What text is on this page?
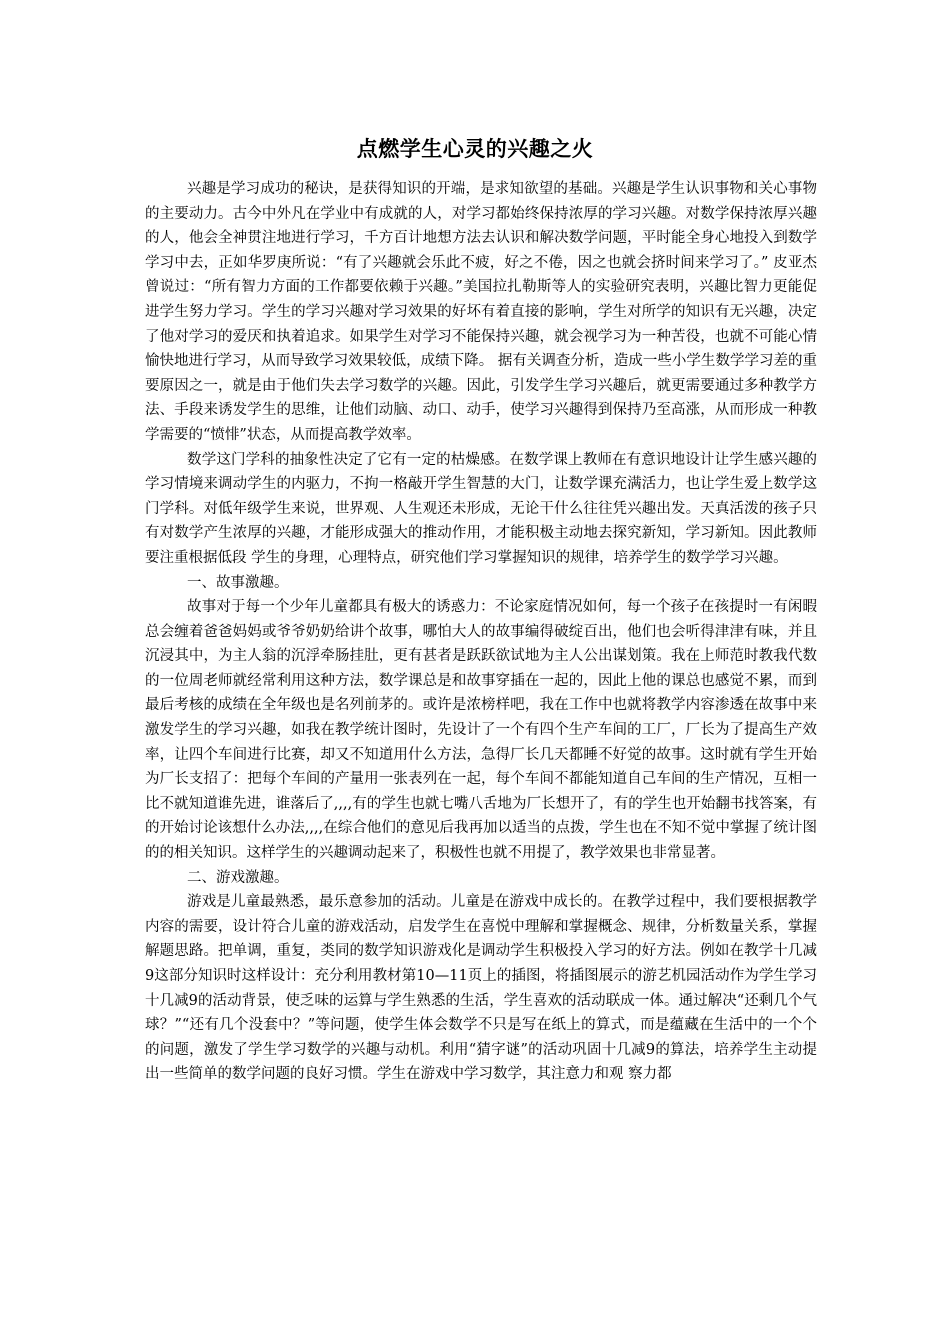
点燃学生心灵的兴趣之火

兴趣是学习成功的秘诀，是获得知识的开端，是求知欲望的基础。兴趣是学生认识事物和关心事物的主要动力。古今中外凡在学业中有成就的人，对学习都始终保持浓厚的学习兴趣。对数学保持浓厚兴趣的人，他会全神贯注地进行学习，千方百计地想方法去认识和解决数学问题，平时能全身心地投入到数学学习中去，正如华罗庚所说：“有了兴趣就会乐此不疲，好之不倦，因之也就会挤时间来学习了。” 皮亚杰曾说过：“所有智力方面的工作都要依赖于兴趣。”美国拉扎勒斯等人的实验研究表明，兴趣比智力更能促进学生努力学习。学生的学习兴趣对学习效果的好坏有着直接的影响，学生对所学的知识有无兴趣，决定了他对学习的爱厌和执着追求。如果学生对学习不能保持兴趣，就会视学习为一种苦役，也就不可能心情愉快地进行学习，从而导致学习效果较低，成绩下降。 据有关调查分析，造成一些小学生数学学习差的重要原因之一，就是由于他们失去学习数学的兴趣。因此，引发学生学习兴趣后，就更需要通过多种教学方法、手段来诱发学生的思维，让他们动脑、动口、动手，使学习兴趣得到保持乃至高涨，从而形成一种教学需要的“愤悱”状态，从而提高教学效率。

数学这门学科的抽象性决定了它有一定的枯燥感。在数学课上教师在有意识地设计让学生感兴趣的学习情境来调动学生的内驱力，不拘一格敲开学生智慧的大门，让数学课充满活力，也让学生爱上数学这门学科。对低年级学生来说，世界观、人生观还未形成，无论干什么往往凭兴趣出发。天真活泼的孩子只有对数学产生浓厚的兴趣，才能形成强大的推动作用，才能积极主动地去探究新知，学习新知。因此教师要注重根据低段 学生的身理，心理特点，研究他们学习掌握知识的规律，培养学生的数学学习兴趣。

一、故事激趣。

故事对于每一个少年儿童都具有极大的诱惑力：不论家庭情况如何，每一个孩子在孩提时一有闲暇总会缠着爸爸妈妈或爷爷奶奶给讲个故事，哪怕大人的故事编得破绽百出，他们也会听得津津有味，并且沉浸其中，为主人翁的沉浮牵肠挂肚，更有甚者是跃跃欲试地为主人公出谋划策。我在上师范时教我代数的一位周老师就经常利用这种方法，数学课总是和故事穿插在一起的，因此上他的课总也感觉不累，而到最后考核的成绩在全年级也是名列前茅的。或许是浓榜样吧，我在工作中也就将教学内容渗透在故事中来激发学生的学习兴趣，如我在教学统计图时，先设计了一个有四个生产车间的工厂，厂长为了提高生产效率，让四个车间进行比赛，却又不知道用什么方法，急得厂长几天都睡不好觉的故事。这时就有学生开始为厂长支招了：把每个车间的产量用一张表列在一起，每个车间不都能知道自己车间的生产情况，互相一比不就知道谁先进，谁落后了,,,,有的学生也就七嘴八舌地为厂长想开了，有的学生也开始翻书找答案，有的开始讨论该想什么办法,,,,在综合他们的意见后我再加以适当的点拨，学生也在不知不觉中掌握了统计图的的相关知识。这样学生的兴趣调动起来了，积极性也就不用提了，教学效果也非常显著。

二、游戏激趣。

游戏是儿童最熟悉，最乐意参加的活动。儿童是在游戏中成长的。在教学过程中，我们要根据教学内容的需要，设计符合儿童的游戏活动，启发学生在喜悦中理解和掌握概念、规律，分析数量关系，掌握解题思路。把单调，重复，类同的数学知识游戏化是调动学生积极投入学习的好方法。例如在教学十几减9这部分知识时这样设计：充分利用教材第10—11页上的插图，将插图展示的游艺机园活动作为学生学习十几减9的活动背景，使乏味的运算与学生熟悉的生活，学生喜欢的活动联成一体。通过解决“还剩几个气球？”“还有几个没套中？”等问题，使学生体会数学不只是写在纸上的算式，而是蕴藏在生活中的一个个的问题，激发了学生学习数学的兴趣与动机。利用“猜字谜”的活动巩固十几减9的算法，培养学生主动提出一些简单的数学问题的良好习惯。学生在游戏中学习数学，其注意力和观 察力都
